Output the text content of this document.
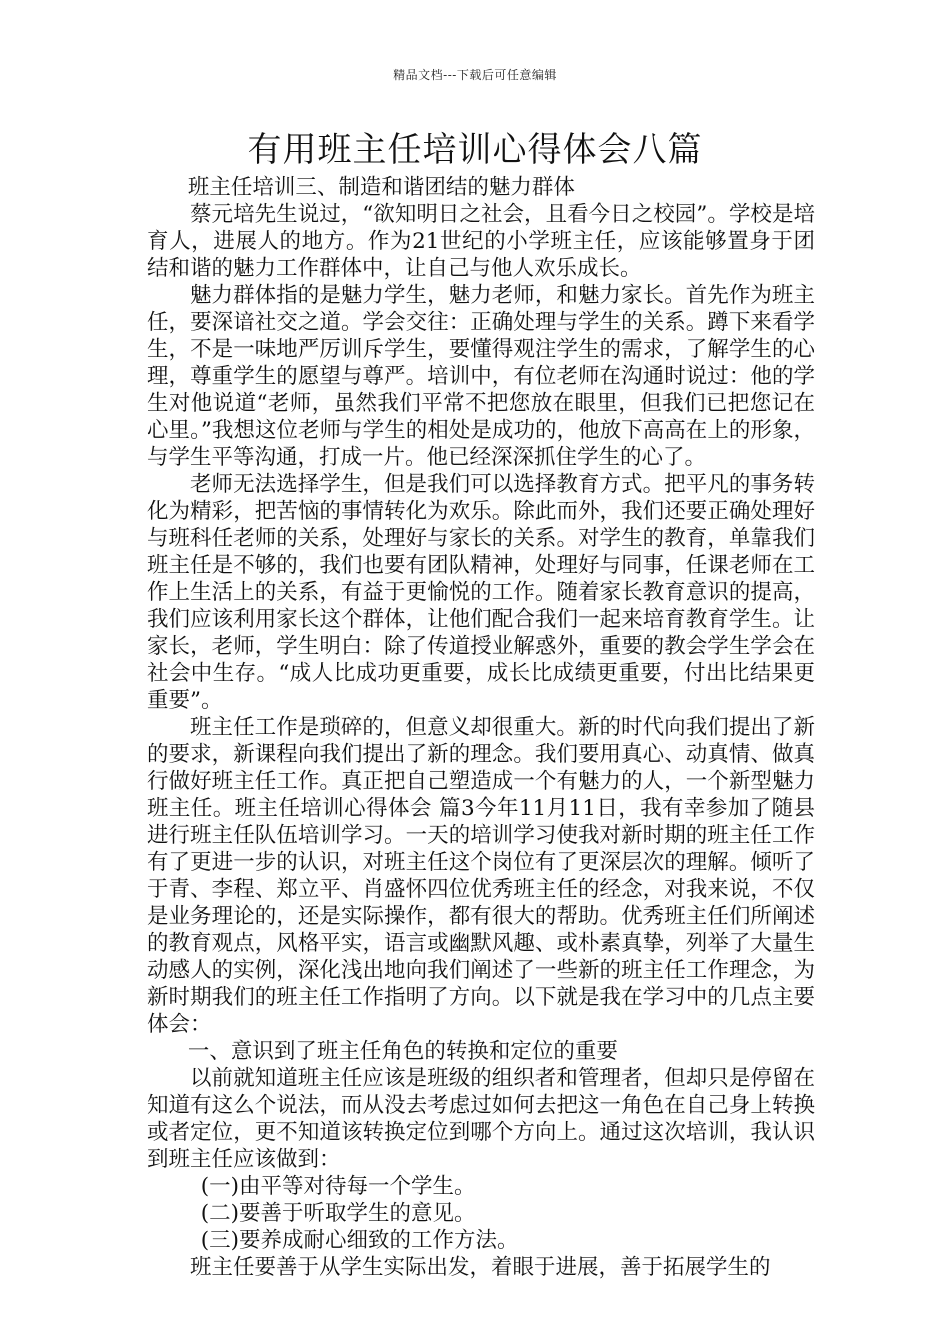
精品文档---下载后可任意编辑
有用班主任培训心得体会八篇

班主任培训三、制造和谐团结的魅力群体

蔡元培先生说过，“欲知明日之社会，且看今日之校园”。学校是培育人，进展人的地方。作为21世纪的小学班主任，应该能够置身于团结和谐的魅力工作群体中，让自己与他人欢乐成长。

魅力群体指的是魅力学生，魅力老师，和魅力家长。首先作为班主任，要深谙社交之道。学会交往：正确处理与学生的关系。蹲下来看学生，不是一味地严厉训斥学生，要懂得观注学生的需求，了解学生的心理，尊重学生的愿望与尊严。培训中，有位老师在沟通时说过：他的学生对他说道“老师，虽然我们平常不把您放在眼里，但我们已把您记在心里。”我想这位老师与学生的相处是成功的，他放下高高在上的形象，与学生平等沟通，打成一片。他已经深深抓住学生的心了。

老师无法选择学生，但是我们可以选择教育方式。把平凡的事务转化为精彩，把苦恼的事情转化为欢乐。除此而外，我们还要正确处理好与班科任老师的关系，处理好与家长的关系。对学生的教育，单靠我们班主任是不够的，我们也要有团队精神，处理好与同事，任课老师在工作上生活上的关系，有益于更愉悦的工作。随着家长教育意识的提高，我们应该利用家长这个群体，让他们配合我们一起来培育教育学生。让家长，老师，学生明白：除了传道授业解惑外，重要的教会学生学会在社会中生存。“成人比成功更重要，成长比成绩更重要，付出比结果更重要”。

班主任工作是琐碎的，但意义却很重大。新的时代向我们提出了新的要求，新课程向我们提出了新的理念。我们要用真心、动真情、做真行做好班主任工作。真正把自己塑造成一个有魅力的人，一个新型魅力班主任。班主任培训心得体会 篇3今年11月11日，我有幸参加了随县进行班主任队伍培训学习。一天的培训学习使我对新时期的班主任工作有了更进一步的认识，对班主任这个岗位有了更深层次的理解。倾听了于青、李程、郑立平、肖盛怀四位优秀班主任的经念，对我来说，不仅是业务理论的，还是实际操作，都有很大的帮助。优秀班主任们所阐述的教育观点，风格平实，语言或幽默风趣、或朴素真挚，列举了大量生动感人的实例，深化浅出地向我们阐述了一些新的班主任工作理念，为新时期我们的班主任工作指明了方向。以下就是我在学习中的几点主要体会：

一、意识到了班主任角色的转换和定位的重要

以前就知道班主任应该是班级的组织者和管理者，但却只是停留在知道有这么个说法，而从没去考虑过如何去把这一角色在自己身上转换或者定位，更不知道该转换定位到哪个方向上。通过这次培训，我认识到班主任应该做到：

(一)由平等对待每一个学生。

(二)要善于听取学生的意见。

(三)要养成耐心细致的工作方法。

班主任要善于从学生实际出发，着眼于进展，善于拓展学生的
